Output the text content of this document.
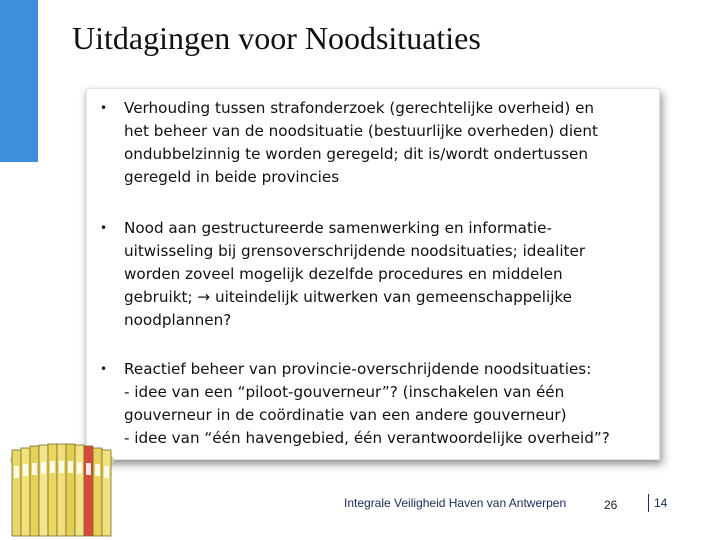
Uitdagingen voor Noodsituaties
• Verhouding tussen strafonderzoek (gerechtelijke overheid) en
het beheer van de noodsituatie (bestuurlijke overheden) dient
ondubbelzinnig te worden geregeld; dit is/wordt ondertussen
geregeld in beide provincies
• Nood aan gestructureerde samenwerking en informatie-
uitwisseling bij grensoverschrijdende noodsituaties; idealiter
worden zoveel mogelijk dezelfde procedures en middelen
gebruikt; → uiteindelijk uitwerken van gemeenschappelijke
noodplannen?
• Reactief beheer van provincie-overschrijdende noodsituaties:
- idee van een “piloot-gouverneur”? (inschakelen van één
gouverneur in de coördinatie van een andere gouverneur)
- idee van “één havengebied, één verantwoordelijke overheid”?
Integrale Veiligheid Haven van Antwerpen	26	14
